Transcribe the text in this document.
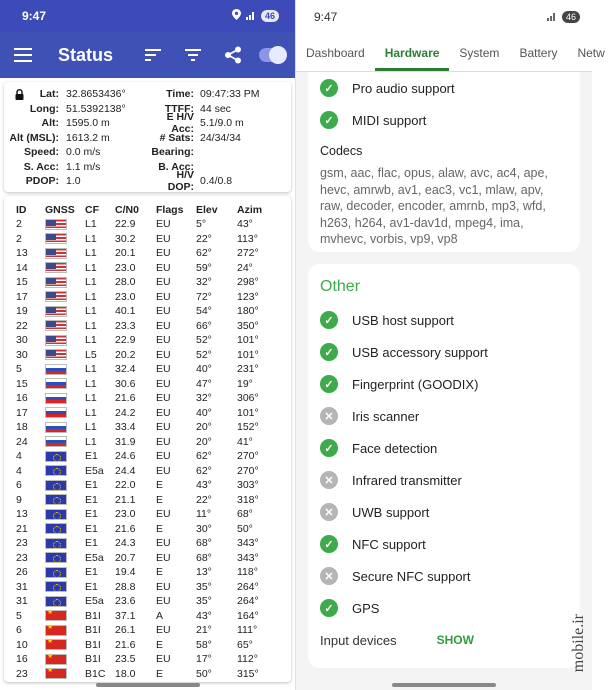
9:47	46
Status
Lat: 32.8653436°	Time: 09:47:33 PM
Long: 51.5392138°	TTFF: 44 sec
Alt: 1595.0 m	E H/V Acc: 5.1/9.0 m
Alt (MSL): 1613.2 m	# Sats: 24/34/34
Speed: 0.0 m/s	Bearing:
S. Acc: 1.1 m/s	B. Acc:
PDOP: 1.0	H/V DOP: 0.4/0.8
ID	GNSS	CF	C/N0	Flags	Elev	Azim
2		L1	22.9	EU	5°	43°
2		L1	30.2	EU	22°	113°
13		L1	20.1	EU	62°	272°
14		L1	23.0	EU	59°	24°
15		L1	28.0	EU	32°	298°
17		L1	23.0	EU	72°	123°
19		L1	40.1	EU	54°	180°
22		L1	23.3	EU	66°	350°
30		L1	22.9	EU	52°	101°
30		L5	20.2	EU	52°	101°
5		L1	32.4	EU	40°	231°
15		L1	30.6	EU	47°	19°
16		L1	21.6	EU	32°	306°
17		L1	24.2	EU	40°	101°
18		L1	33.4	EU	20°	152°
24		L1	31.9	EU	20°	41°
4		E1	24.6	EU	62°	270°
4		E5a	24.4	EU	62°	270°
6		E1	22.0	E	43°	303°
9		E1	21.1	E	22°	318°
13		E1	23.0	EU	11°	68°
21		E1	21.6	E	30°	50°
23		E1	24.3	EU	68°	343°
23		E5a	20.7	EU	68°	343°
26		E1	19.4	E	13°	118°
31		E1	28.8	EU	35°	264°
31		E5a	23.6	EU	35°	264°
5	★	B1I	37.1	A	43°	164°
6	★	B1I	26.1	EU	21°	111°
10	★	B1I	21.6	E	58°	65°
16	★	B1I	23.5	EU	17°	112°
23	★	B1C	18.0	E	50°	315°
9:47	46
Dashboard	Hardware	System	Battery	Netw
✓	Pro audio support
✓	MIDI support
Codecs
gsm, aac, flac, opus, alaw, avc, ac4, ape, hevc, amrwb, av1, eac3, vc1, mlaw, apv, raw, decoder, encoder, amrnb, mp3, wfd, h263, h264, av1-dav1d, mpeg4, ima, mvhevc, vorbis, vp9, vp8
Other
✓	USB host support
✓	USB accessory support
✓	Fingerprint (GOODIX)
✕	Iris scanner
✓	Face detection
✕	Infrared transmitter
✕	UWB support
✓	NFC support
✕	Secure NFC support
✓	GPS
Input devices	SHOW	mobile.ir
